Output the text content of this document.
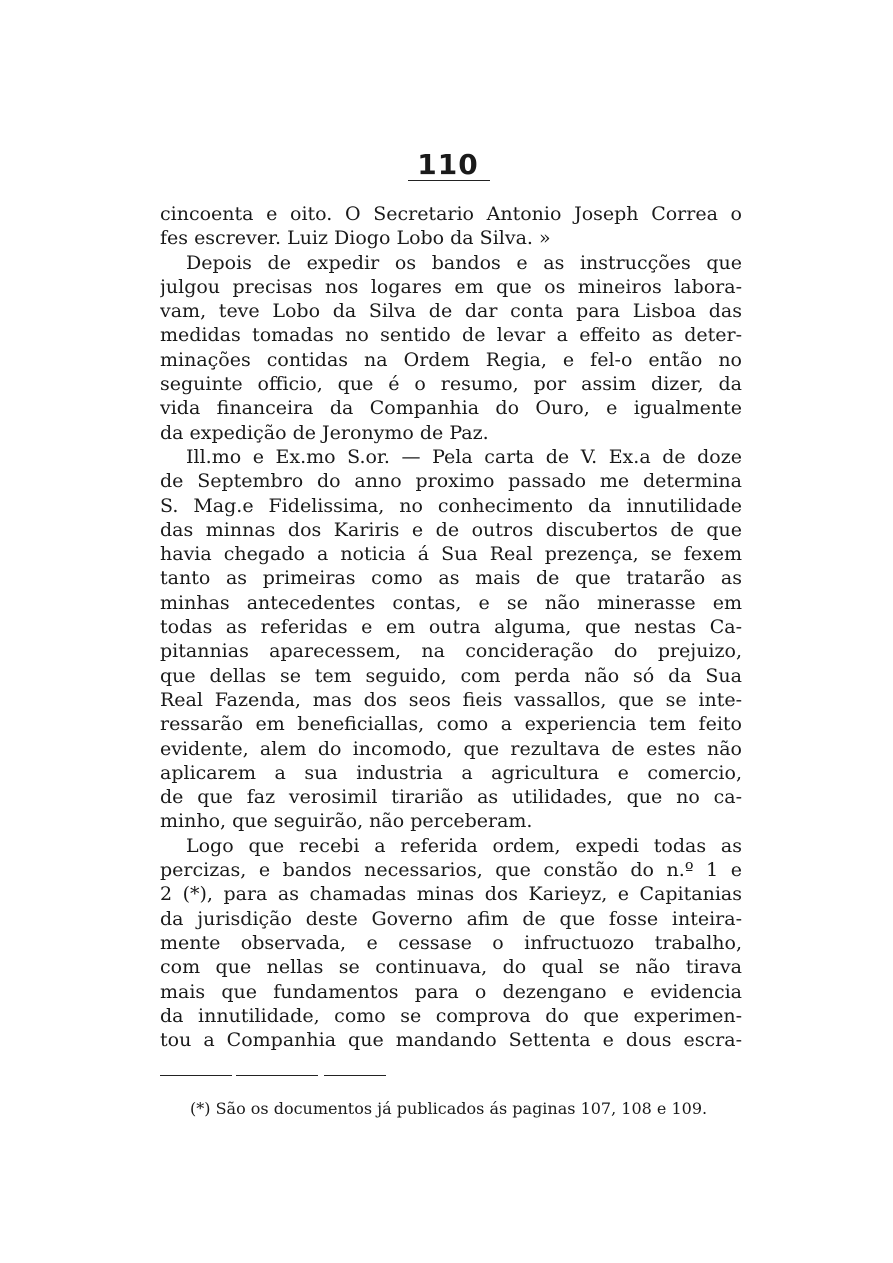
110
cincoenta e oito. O Secretario Antonio Joseph Correa o
fes escrever. Luiz Diogo Lobo da Silva. »
Depois de expedir os bandos e as instrucções que
julgou precisas nos logares em que os mineiros labora-
vam, teve Lobo da Silva de dar conta para Lisboa das
medidas tomadas no sentido de levar a effeito as deter-
minações contidas na Ordem Regia, e fel-o então no
seguinte officio, que é o resumo, por assim dizer, da
vida financeira da Companhia do Ouro, e igualmente
da expedição de Jeronymo de Paz.
Ill.mo e Ex.mo S.or. — Pela carta de V. Ex.a de doze
de Septembro do anno proximo passado me determina
S. Mag.e Fidelissima, no conhecimento da innutilidade
das minnas dos Kariris e de outros discubertos de que
havia chegado a noticia á Sua Real prezença, se fexem
tanto as primeiras como as mais de que tratarão as
minhas antecedentes contas, e se não minerasse em
todas as referidas e em outra alguma, que nestas Ca-
pitannias aparecessem, na concideração do prejuizo,
que dellas se tem seguido, com perda não só da Sua
Real Fazenda, mas dos seos fieis vassallos, que se inte-
ressarão em beneficiallas, como a experiencia tem feito
evidente, alem do incomodo, que rezultava de estes não
aplicarem a sua industria a agricultura e comercio,
de que faz verosimil tirarião as utilidades, que no ca-
minho, que seguirão, não perceberam.
Logo que recebi a referida ordem, expedi todas as
percizas, e bandos necessarios, que constão do n.º 1 e
2 (*), para as chamadas minas dos Karieyz, e Capitanias
da jurisdição deste Governo afim de que fosse inteira-
mente observada, e cessase o infructuozo trabalho,
com que nellas se continuava, do qual se não tirava
mais que fundamentos para o dezengano e evidencia
da innutilidade, como se comprova do que experimen-
tou a Companhia que mandando Settenta e dous escra-
(*) São os documentos já publicados ás paginas 107, 108 e 109.
